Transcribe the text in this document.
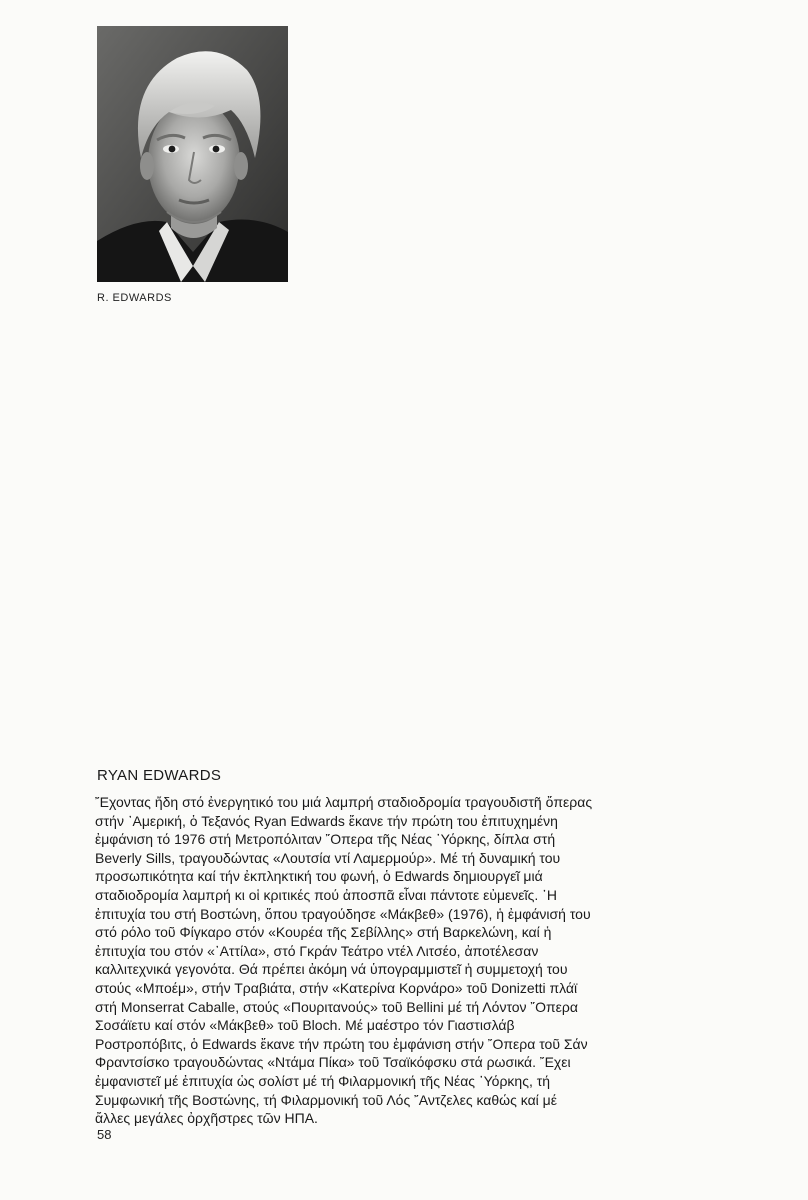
R. EDWARDS
RYAN EDWARDS

῎Εχοντας ἤδη στό ἐνεργητικό του μιά λαμπρή σταδιοδρομία τραγουδιστῆ ὄπερας
στήν ᾿Αμερική, ὁ Τεξανός Ryan Edwards ἔκανε τήν πρώτη του ἐπιτυχημένη
ἐμφάνιση τό 1976 στή Μετροπόλιταν ῎Οπερα τῆς Νέας ῾Υόρκης, δίπλα στή
Beverly Sills, τραγουδώντας «Λουτσία ντί Λαμερμούρ». Μέ τή δυναμική του
προσωπικότητα καί τήν ἐκπληκτική του φωνή, ὁ Edwards δημιουργεῖ μιά
σταδιοδρομία λαμπρή κι οἱ κριτικές πού ἀποσπᾶ εἶναι πάντοτε εὐμενεῖς. ῾Η
ἐπιτυχία του στή Βοστώνη, ὅπου τραγούδησε «Μάκβεθ» (1976), ἡ ἐμφάνισή του
στό ρόλο τοῦ Φίγκαρο στόν «Κουρέα τῆς Σεβίλλης» στή Βαρκελώνη, καί ἡ
ἐπιτυχία του στόν «᾿Αττίλα», στό Γκράν Τεάτρο ντέλ Λιτσέο, ἀποτέλεσαν
καλλιτεχνικά γεγονότα. Θά πρέπει ἀκόμη νά ὑπογραμμιστεῖ ἡ συμμετοχή του
στούς «Μποέμ», στήν Τραβιάτα, στήν «Κατερίνα Κορνάρο» τοῦ Donizetti πλάϊ
στή Monserrat Caballe, στούς «Πουριτανούς» τοῦ Bellini μέ τή Λόντον ῎Οπερα
Σοσάϊετυ καί στόν «Μάκβεθ» τοῦ Bloch. Μέ μαέστρο τόν Γιαστισλάβ
Ροστροπόβιτς, ὁ Edwards ἔκανε τήν πρώτη του ἐμφάνιση στήν ῎Οπερα τοῦ Σάν
Φραντσίσκο τραγουδώντας «Ντάμα Πίκα» τοῦ Τσαϊκόφσκυ στά ρωσικά. ῎Εχει
ἐμφανιστεῖ μέ ἐπιτυχία ὡς σολίστ μέ τή Φιλαρμονική τῆς Νέας ῾Υόρκης, τή
Συμφωνική τῆς Βοστώνης, τή Φιλαρμονική τοῦ Λός ῎Αντζελες καθώς καί μέ
ἄλλες μεγάλες ὀρχῆστρες τῶν ΗΠΑ.

58
